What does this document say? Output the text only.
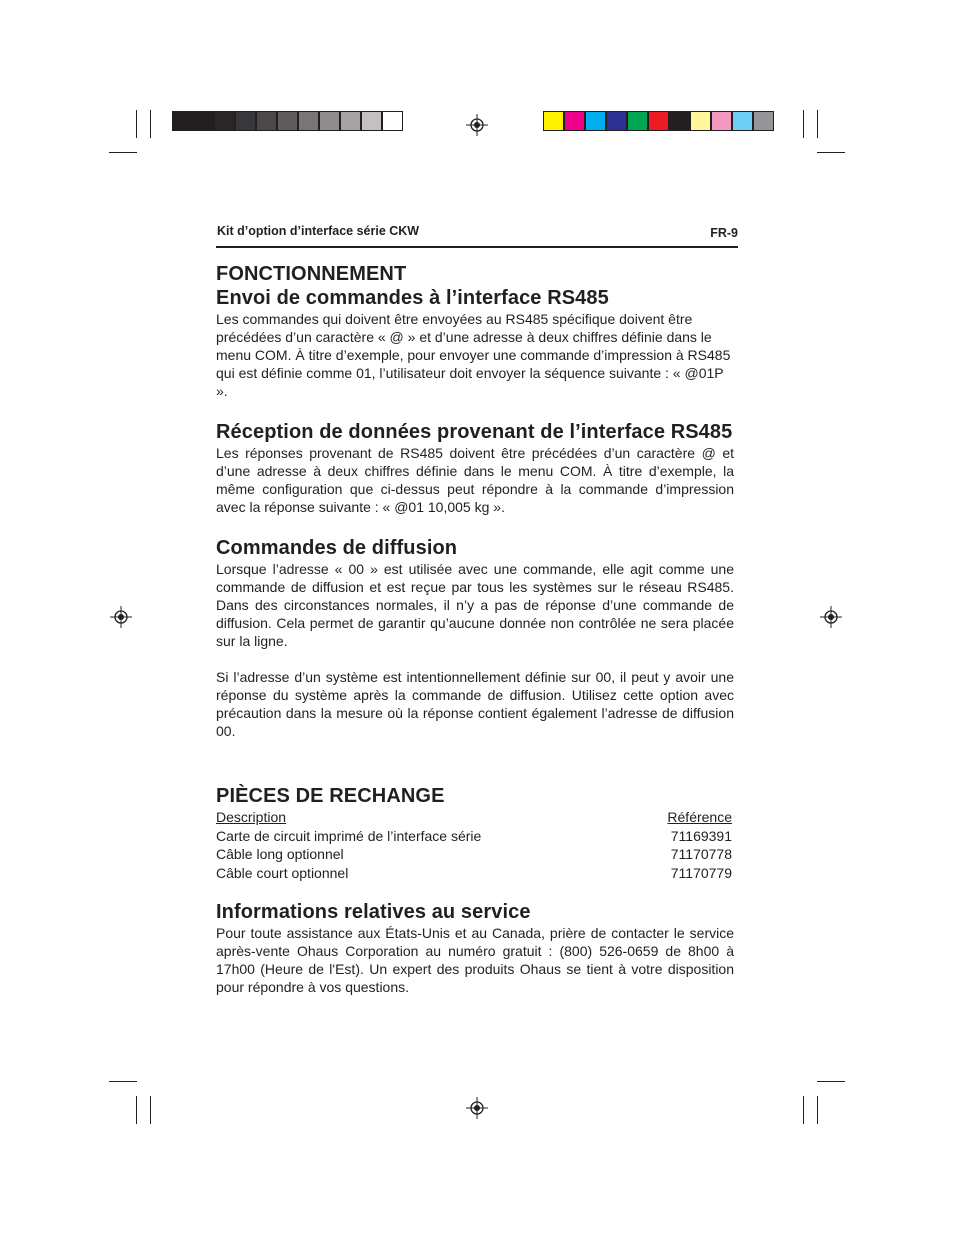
Kit d’option d’interface série CKW	FR-9
FONCTIONNEMENT
Envoi de commandes à l’interface RS485

Les commandes qui doivent être envoyées au RS485 spécifique doivent être précédées d’un caractère « @ » et d’une adresse à deux chiffres définie dans le menu COM. À titre d’exemple, pour envoyer une commande d’impression à RS485 qui est définie comme 01, l’utilisateur doit envoyer la séquence suivante : « @01P ».

Réception de données provenant de l’interface RS485

Les réponses provenant de RS485 doivent être précédées d’un caractère @ et d’une adresse à deux chiffres définie dans le menu COM. À titre d’exemple, la même configuration que ci-dessus peut répondre à la commande d’impression avec la réponse suivante : « @01 10,005 kg ».

Commandes de diffusion

Lorsque l’adresse « 00 » est utilisée avec une commande, elle agit comme une commande de diffusion et est reçue par tous les systèmes sur le réseau RS485. Dans des circonstances normales, il n’y a pas de réponse d’une commande de diffusion. Cela permet de garantir qu’aucune donnée non contrôlée ne sera placée sur la ligne.

Si l’adresse d’un système est intentionnellement définie sur 00, il peut y avoir une réponse du système après la commande de diffusion. Utilisez cette option avec précaution dans la mesure où la réponse contient également l’adresse de diffusion 00.

PIÈCES DE RECHANGE
Description	Référence
Carte de circuit imprimé de l’interface série	71169391
Câble long optionnel	71170778
Câble court optionnel	71170779
Informations relatives au service

Pour toute assistance aux États-Unis et au Canada, prière de contacter le service après-vente Ohaus Corporation au numéro gratuit : (800) 526-0659 de 8h00 à 17h00 (Heure de l'Est). Un expert des produits Ohaus se tient à votre disposition pour répondre à vos questions.
